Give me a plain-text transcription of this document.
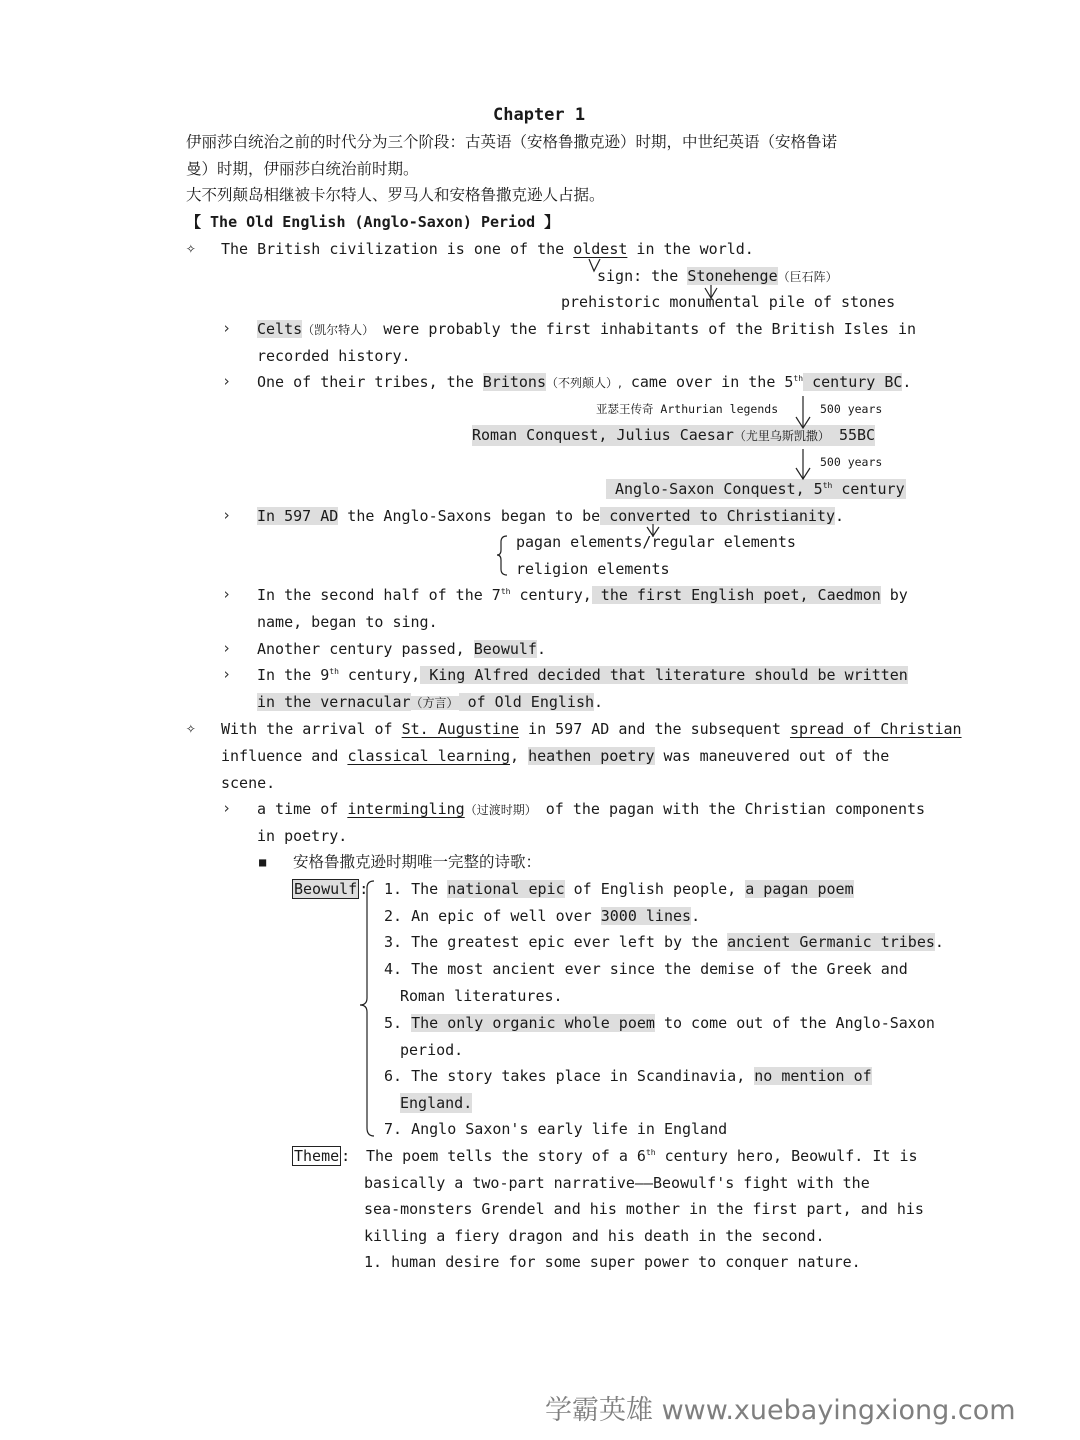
Chapter 1
伊丽莎白统治之前的时代分为三个阶段：古英语（安格鲁撒克逊）时期，中世纪英语（安格鲁诺
曼）时期，伊丽莎白统治前时期。
大不列颠岛相继被卡尔特人、罗马人和安格鲁撒克逊人占据。
【 The Old English (Anglo-Saxon) Period 】
✧ The British civilization is one of the oldest in the world.
sign: the Stonehenge（巨石阵）
prehistoric monumental pile of stones
› Celts（凯尔特人） were probably the first inhabitants of the British Isles in
recorded history.
› One of their tribes, the Britons（不列颠人）, came over in the 5th century BC.
亚瑟王传奇 Arthurian legends	500 years
Roman Conquest, Julius Caesar（尤里乌斯凯撒） 55BC
500 years
Anglo-Saxon Conquest, 5th century
› In 597 AD the Anglo-Saxons began to be converted to Christianity.
pagan elements/regular elements
religion elements
› In the second half of the 7th century, the first English poet, Caedmon by
name, began to sing.
› Another century passed, Beowulf.
› In the 9th century, King Alfred decided that literature should be written
in the vernacular（方言） of Old English.
✧ With the arrival of St. Augustine in 597 AD and the subsequent spread of Christian
influence and classical learning, heathen poetry was maneuvered out of the
scene.
› a time of intermingling（过渡时期） of the pagan with the Christian components
in poetry.
■ 安格鲁撒克逊时期唯一完整的诗歌：
Beowulf : 1. The national epic of English people, a pagan poem
2. An epic of well over 3000 lines.
3. The greatest epic ever left by the ancient Germanic tribes.
4. The most ancient ever since the demise of the Greek and
Roman literatures.
5. The only organic whole poem to come out of the Anglo-Saxon
period.
6. The story takes place in Scandinavia, no mention of
England.
7. Anglo Saxon's early life in England
Theme : The poem tells the story of a 6th century hero, Beowulf. It is
basically a two-part narrative——Beowulf's fight with the
sea-monsters Grendel and his mother in the first part, and his
killing a fiery dragon and his death in the second.
1. human desire for some super power to conquer nature.
学霸英雄 www.xuebayingxiong.com
